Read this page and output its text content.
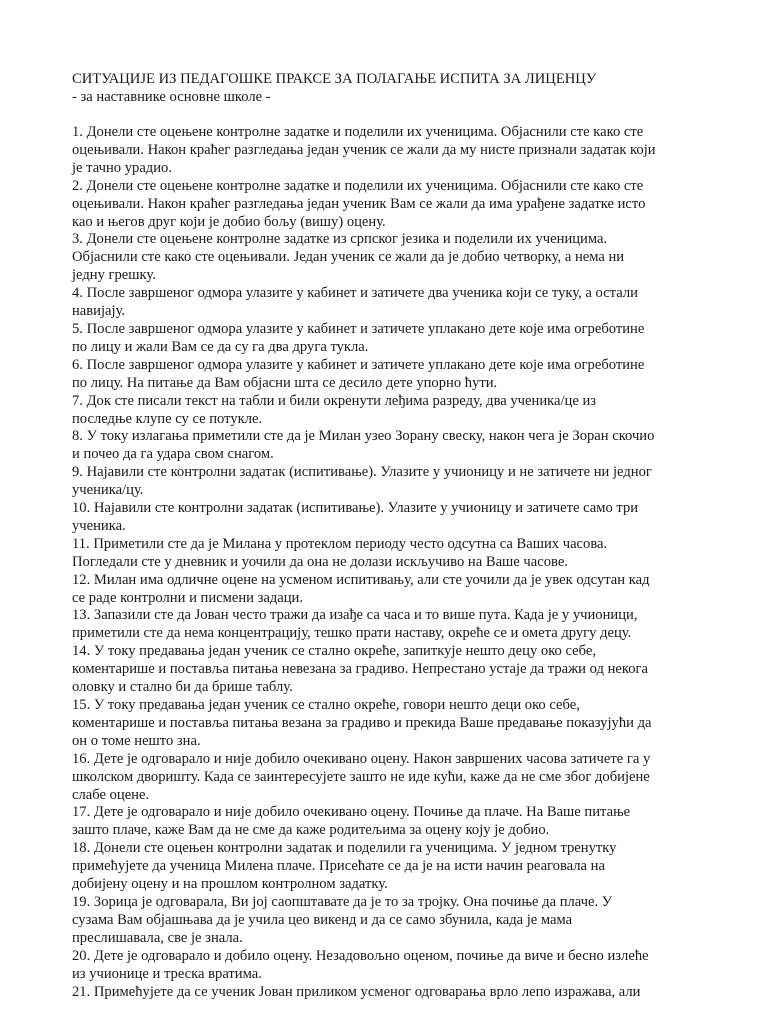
СИТУАЦИЈЕ ИЗ ПЕДАГОШКЕ ПРАКСЕ ЗА ПОЛАГАЊЕ ИСПИТА ЗА ЛИЦЕНЦУ
- за наставнике основне школе -

1. Донели сте оцењене контролне задатке и поделили их ученицима. Објаснили сте како сте
оцењивали. Након краћег разгледања један ученик се жали да му нисте признали задатак који
је тачно урадио.

2. Донели сте оцењене контролне задатке и поделили их ученицима. Објаснили сте како сте
оцењивали. Након краћег разгледања један ученик Вам се жали да има урађене задатке исто
као и његов друг који је добио бољу (вишу) оцену.

3. Донели сте оцењене контролне задатке из српског језика и поделили их ученицима.
Објаснили сте како сте оцењивали. Један ученик се жали да је добио четворку, а нема ни
једну грешку.

4. После завршеног одмора улазите у кабинет и затичете два ученика који се туку, а остали
навијају.

5. После завршеног одмора улазите у кабинет и затичете уплакано дете које има огреботине
по лицу и жали Вам се да су га два друга тукла.

6. После завршеног одмора улазите у кабинет и затичете уплакано дете које има огреботине
по лицу. На питање да Вам објасни шта се десило дете упорно ћути.

7. Док сте писали текст на табли и били окренути леђима разреду, два ученика/це из
последње клупе су се потукле.

8. У току излагања приметили сте да је Милан узео Зорану свеску, након чега је Зоран скочио
и почео да га удара свом снагом.

9. Најавили сте контролни задатак (испитивање). Улазите у учионицу и не затичете ни једног
ученика/цу.

10. Најавили сте контролни задатак (испитивање). Улазите у учионицу и затичете само три
ученика.

11. Приметили сте да је Милана у протеклом периоду често одсутна са Ваших часова.
Погледали сте у дневник и уочили да она не долази искључиво на Ваше часове.

12. Милан има одличне оцене на усменом испитивању, али сте уочили да је увек одсутан кад
се раде контролни и писмени задаци.

13. Запазили сте да Јован често тражи да изађе са часа и то више пута. Када је у учионици,
приметили сте да нема концентрацију, тешко прати наставу, окреће се и омета другу децу.

14. У току предавања један ученик се стално окреће, запиткује нешто децу око себе,
коментарише и поставља питања невезана за градиво. Непрестано устаје да тражи од некога
оловку и стално би да брише таблу.

15. У току предавања један ученик се стално окреће, говори нешто деци око себе,
коментарише и поставља питања везана за градиво и прекида Ваше предавање показујући да
он о томе нешто зна.

16. Дете је одговарало и није добило очекивано оцену. Након завршених часова затичете га у
школском дворишту. Када се заинтересујете зашто не иде кући, каже да не сме због добијене
слабе оцене.

17. Дете је одговарало и није добило очекивано оцену. Почиње да плаче. На Ваше питање
зашто плаче, каже Вам да не сме да каже родитељима за оцену коју је добио.

18. Донели сте оцењен контролни задатак и поделили га ученицима. У једном тренутку
примећујете да ученица Милена плаче. Присећате се да је на исти начин реаговала на
добијену оцену и на прошлом контролном задатку.

19. Зорица је одговарала, Ви јој саопштавате да је то за тројку. Она почиње да плаче. У
сузама Вам објашњава да је учила цео викенд и да се само збунила, када је мама
преслишавала, све је знала.

20. Дете је одговарало и добило оцену. Незадовољно оценом, почиње да виче и бесно излеће
из учионице и треска вратима.

21. Примећујете да се ученик Јован приликом усменог одговарања врло лепо изражава, али
